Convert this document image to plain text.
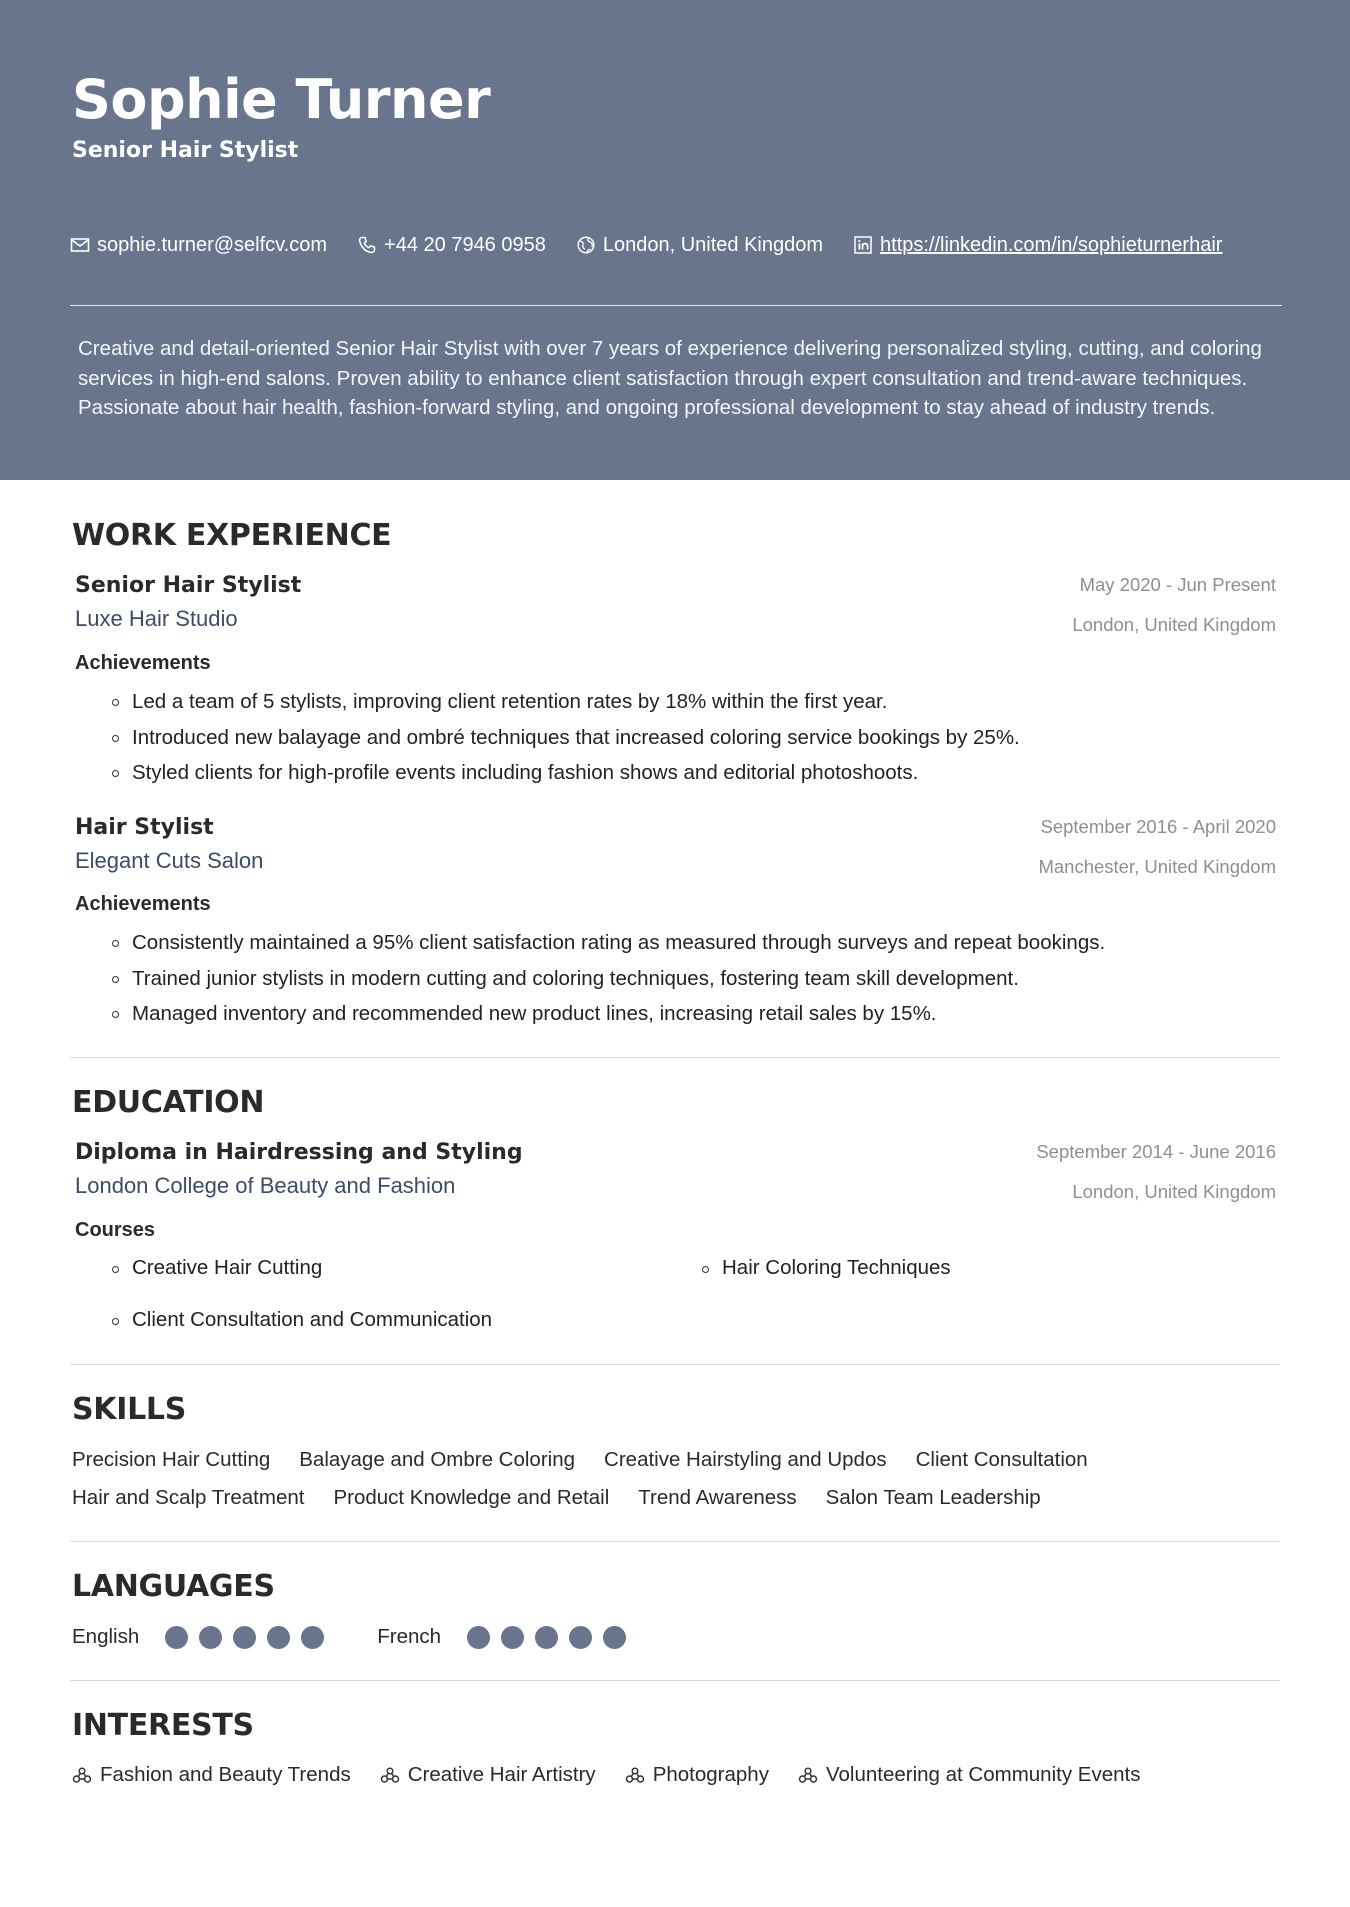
Sophie Turner
Senior Hair Stylist
sophie.turner@selfcv.com	+44 20 7946 0958	London, United Kingdom	https://linkedin.com/in/sophieturnerhair
Creative and detail-oriented Senior Hair Stylist with over 7 years of experience delivering personalized styling, cutting, and coloring services in high-end salons. Proven ability to enhance client satisfaction through expert consultation and trend-aware techniques. Passionate about hair health, fashion-forward styling, and ongoing professional development to stay ahead of industry trends.
WORK EXPERIENCE
Senior Hair Stylist
Luxe Hair Studio
May 2020 - Jun Present
London, United Kingdom
Achievements
Led a team of 5 stylists, improving client retention rates by 18% within the first year.
Introduced new balayage and ombré techniques that increased coloring service bookings by 25%.
Styled clients for high-profile events including fashion shows and editorial photoshoots.
Hair Stylist
Elegant Cuts Salon
September 2016 - April 2020
Manchester, United Kingdom
Achievements
Consistently maintained a 95% client satisfaction rating as measured through surveys and repeat bookings.
Trained junior stylists in modern cutting and coloring techniques, fostering team skill development.
Managed inventory and recommended new product lines, increasing retail sales by 15%.
EDUCATION
Diploma in Hairdressing and Styling
London College of Beauty and Fashion
September 2014 - June 2016
London, United Kingdom
Courses
Creative Hair Cutting	Hair Coloring Techniques
Client Consultation and Communication
SKILLS
Precision Hair Cutting Balayage and Ombre Coloring Creative Hairstyling and Updos Client Consultation
Hair and Scalp Treatment Product Knowledge and Retail Trend Awareness Salon Team Leadership
LANGUAGES
English	French
INTERESTS
Fashion and Beauty Trends	Creative Hair Artistry	Photography	Volunteering at Community Events
